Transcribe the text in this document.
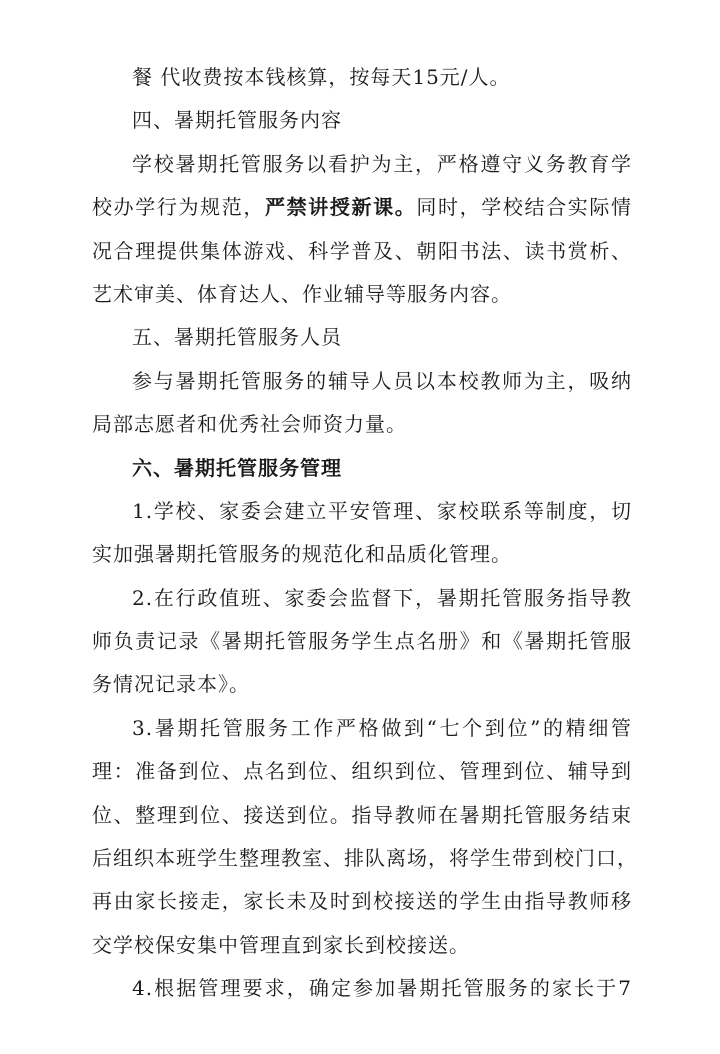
餐 代收费按本钱核算，按每天15元/人。
四、暑期托管服务内容
学校暑期托管服务以看护为主，严格遵守义务教育学
校办学行为规范，严禁讲授新课。同时，学校结合实际情
况合理提供集体游戏、科学普及、朝阳书法、读书赏析、
艺术审美、体育达人、作业辅导等服务内容。
五、暑期托管服务人员
参与暑期托管服务的辅导人员以本校教师为主，吸纳
局部志愿者和优秀社会师资力量。
六、暑期托管服务管理
1.学校、家委会建立平安管理、家校联系等制度，切
实加强暑期托管服务的规范化和品质化管理。
2.在行政值班、家委会监督下，暑期托管服务指导教
师负责记录《暑期托管服务学生点名册》和《暑期托管服
务情况记录本》。
3.暑期托管服务工作严格做到“七个到位”的精细管
理：准备到位、点名到位、组织到位、管理到位、辅导到
位、整理到位、接送到位。指导教师在暑期托管服务结束
后组织本班学生整理教室、排队离场，将学生带到校门口，
再由家长接走，家长未及时到校接送的学生由指导教师移
交学校保安集中管理直到家长到校接送。
4.根据管理要求，确定参加暑期托管服务的家长于7
